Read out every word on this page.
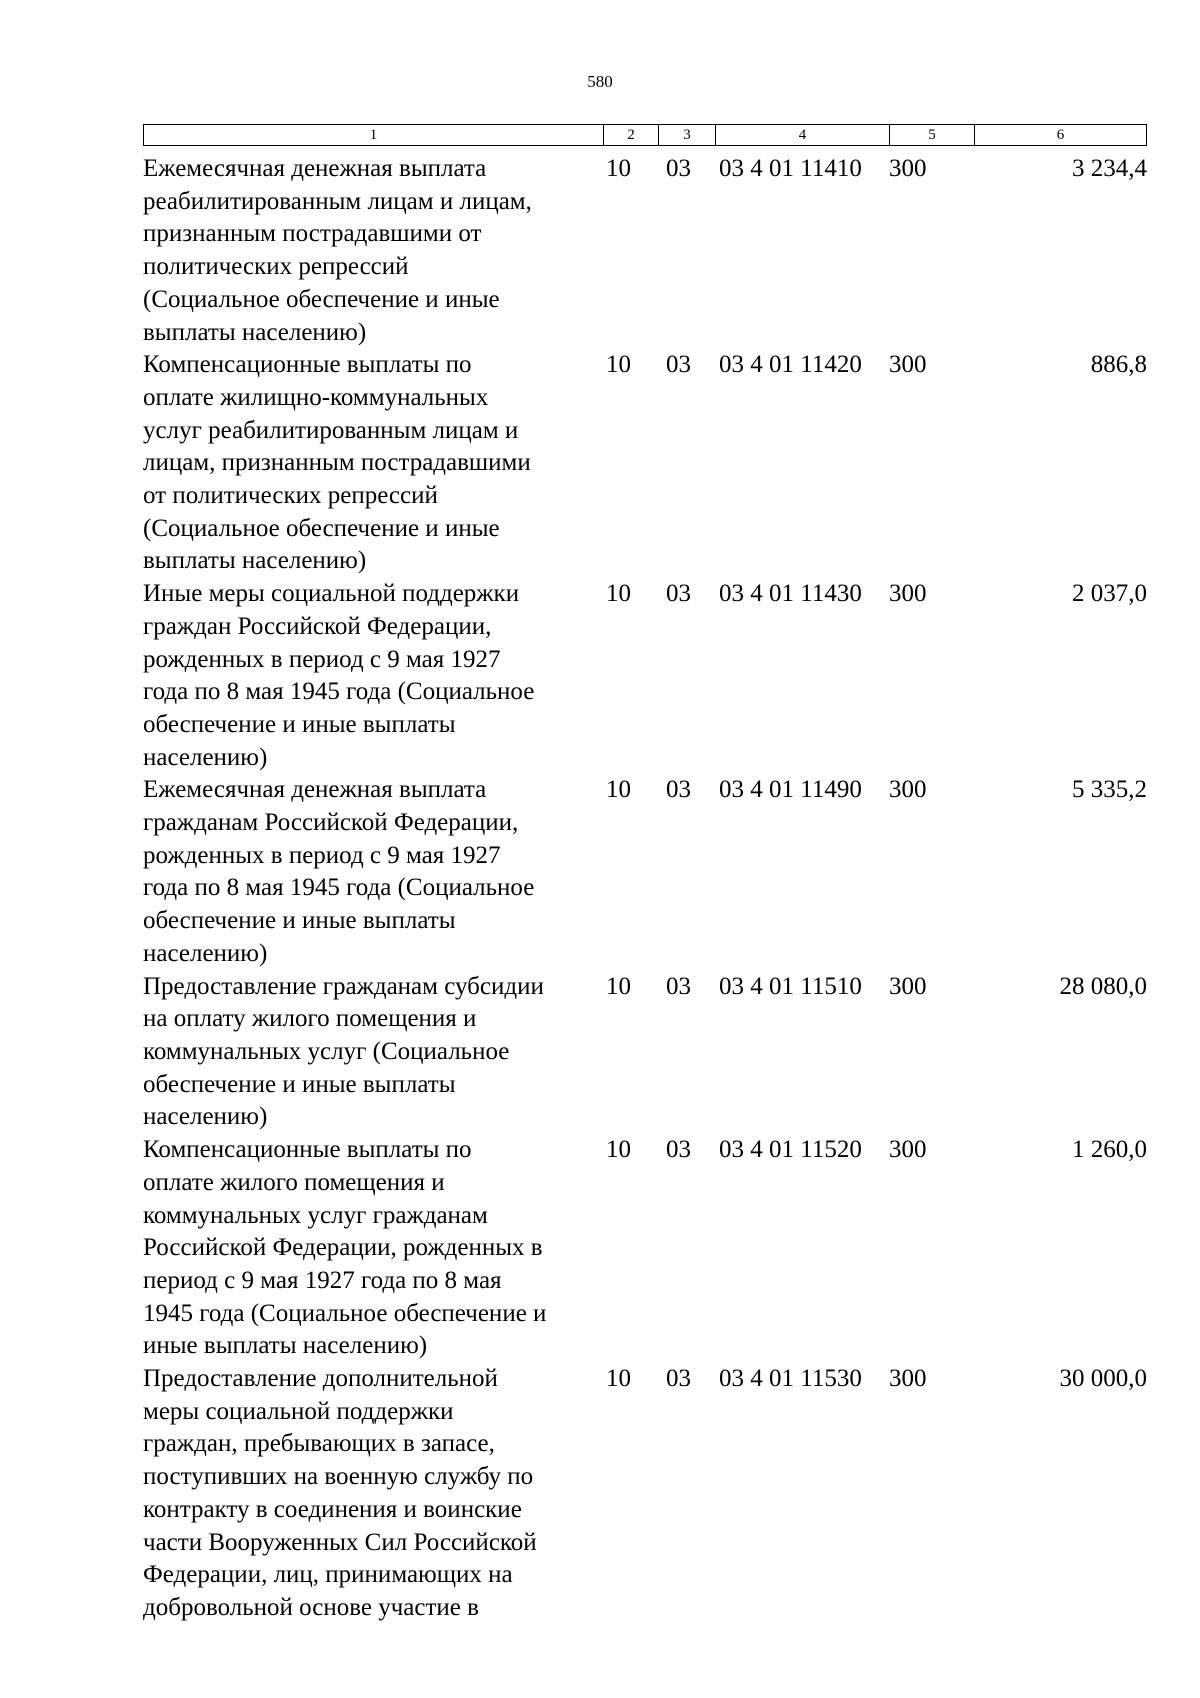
580
1	2	3	4	5	6
Ежемесячная денежная выплата
реабилитированным лицам и лицам,
признанным пострадавшими от
политических репрессий
(Социальное обеспечение и иные
выплаты населению)
10	03	03 4 01 11410	300	3 234,4
Компенсационные выплаты по
оплате жилищно-коммунальных
услуг реабилитированным лицам и
лицам, признанным пострадавшими
от политических репрессий
(Социальное обеспечение и иные
выплаты населению)
10	03	03 4 01 11420	300	886,8
Иные меры социальной поддержки
граждан Российской Федерации,
рожденных в период с 9 мая 1927
года по 8 мая 1945 года (Социальное
обеспечение и иные выплаты
населению)
10	03	03 4 01 11430	300	2 037,0
Ежемесячная денежная выплата
гражданам Российской Федерации,
рожденных в период с 9 мая 1927
года по 8 мая 1945 года (Социальное
обеспечение и иные выплаты
населению)
10	03	03 4 01 11490	300	5 335,2
Предоставление гражданам субсидии
на оплату жилого помещения и
коммунальных услуг (Социальное
обеспечение и иные выплаты
населению)
10	03	03 4 01 11510	300	28 080,0
Компенсационные выплаты по
оплате жилого помещения и
коммунальных услуг гражданам
Российской Федерации, рожденных в
период с 9 мая 1927 года по 8 мая
1945 года (Социальное обеспечение и
иные выплаты населению)
10	03	03 4 01 11520	300	1 260,0
Предоставление дополнительной
меры социальной поддержки
граждан, пребывающих в запасе,
поступивших на военную службу по
контракту в соединения и воинские
части Вооруженных Сил Российской
Федерации, лиц, принимающих на
добровольной основе участие в
10	03	03 4 01 11530	300	30 000,0
